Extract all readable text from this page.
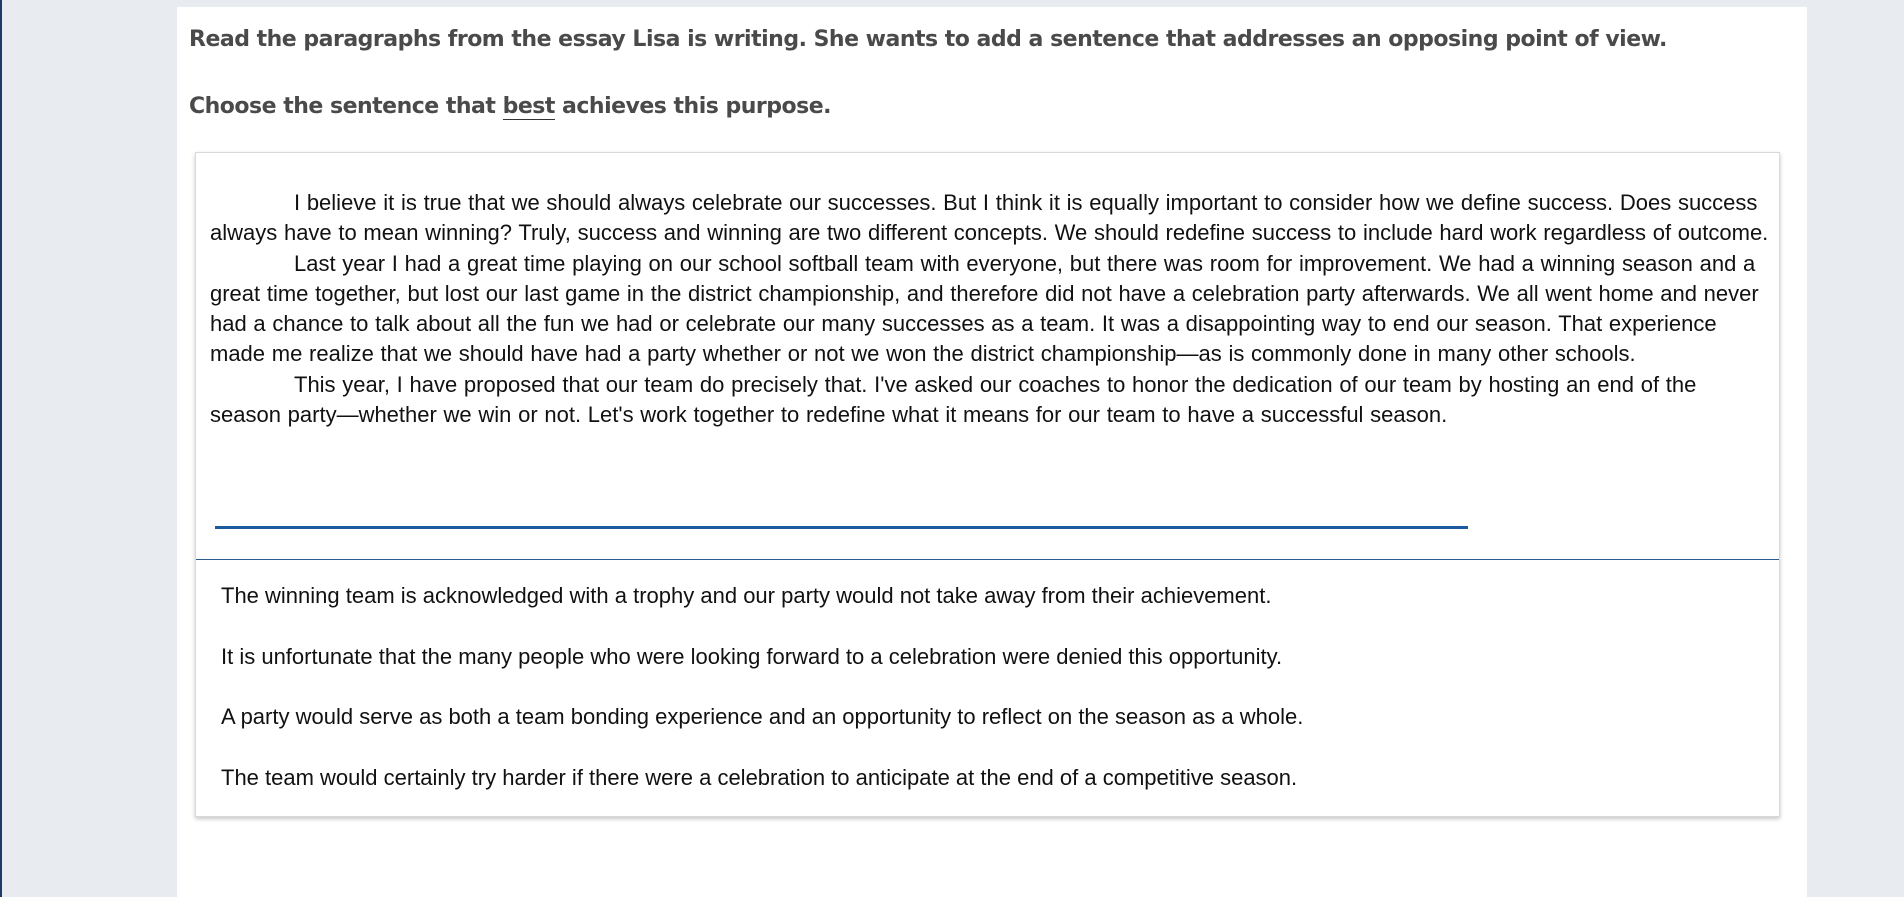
Read the paragraphs from the essay Lisa is writing. She wants to add a sentence that addresses an opposing point of view.

Choose the sentence that best achieves this purpose.

I believe it is true that we should always celebrate our successes. But I think it is equally important to consider how we define success. Does success always have to mean winning? Truly, success and winning are two different concepts. We should redefine success to include hard work regardless of outcome.

Last year I had a great time playing on our school softball team with everyone, but there was room for improvement. We had a winning season and a great time together, but lost our last game in the district championship, and therefore did not have a celebration party afterwards. We all went home and never had a chance to talk about all the fun we had or celebrate our many successes as a team. It was a disappointing way to end our season. That experience made me realize that we should have had a party whether or not we won the district championship—as is commonly done in many other schools.

This year, I have proposed that our team do precisely that. I've asked our coaches to honor the dedication of our team by hosting an end of the season party—whether we win or not. Let's work together to redefine what it means for our team to have a successful season.

The winning team is acknowledged with a trophy and our party would not take away from their achievement.
It is unfortunate that the many people who were looking forward to a celebration were denied this opportunity.
A party would serve as both a team bonding experience and an opportunity to reflect on the season as a whole.
The team would certainly try harder if there were a celebration to anticipate at the end of a competitive season.
